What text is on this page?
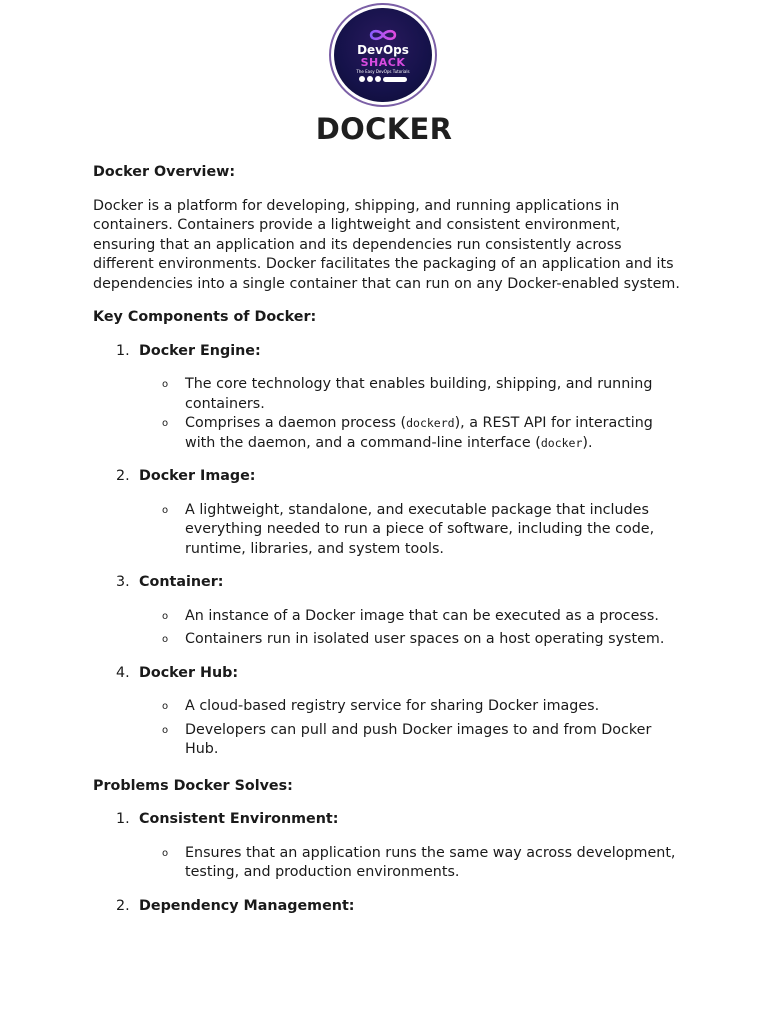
DevOps
SHACK
The Easy DevOps Tutorials
DOCKER

Docker Overview:

Docker is a platform for developing, shipping, and running applications in containers. Containers provide a lightweight and consistent environment, ensuring that an application and its dependencies run consistently across different environments. Docker facilitates the packaging of an application and its dependencies into a single container that can run on any Docker-enabled system.

Key Components of Docker:

1. Docker Engine:

o The core technology that enables building, shipping, and running containers.
o Comprises a daemon process (dockerd), a REST API for interacting with the daemon, and a command-line interface (docker).

2. Docker Image:

o A lightweight, standalone, and executable package that includes everything needed to run a piece of software, including the code, runtime, libraries, and system tools.

3. Container:

o An instance of a Docker image that can be executed as a process.
o Containers run in isolated user spaces on a host operating system.

4. Docker Hub:

o A cloud-based registry service for sharing Docker images.
o Developers can pull and push Docker images to and from Docker Hub.

Problems Docker Solves:

1. Consistent Environment:

o Ensures that an application runs the same way across development, testing, and production environments.

2. Dependency Management:
